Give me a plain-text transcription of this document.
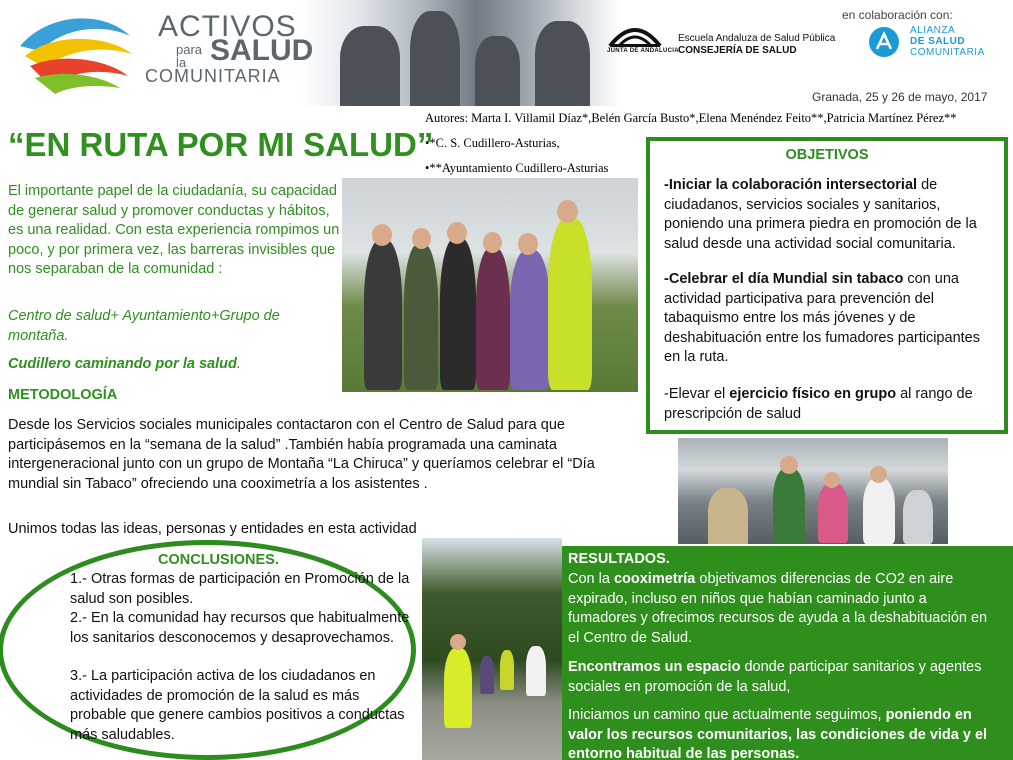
ACTIVOS
para
la SALUD
COMUNITARIA
JUNTA DE ANDALUCIA
Escuela Andaluza de Salud Pública
CONSEJERÍA DE SALUD
en colaboración con:
ALIANZA
DE SALUD
COMUNITARIA
Granada, 25 y 26 de mayo, 2017
Autores: Marta I. Villamil Díaz*,Belén García Busto*,Elena Menéndez Feito**,Patricia Martínez Pérez**
•*C. S. Cudillero-Asturias,
•**Ayuntamiento Cudillero-Asturias
“EN RUTA POR MI SALUD”
El importante papel de la ciudadanía, su capacidad de generar salud y promover conductas y hábitos, es una realidad. Con esta experiencia rompimos un poco, y por primera vez, las barreras invisibles que nos separaban de la comunidad :
Centro de salud+ Ayuntamiento+Grupo de montaña.
Cudillero caminando por la salud.
METODOLOGÍA
Desde los Servicios sociales municipales contactaron con el Centro de Salud para que participásemos en la “semana de la salud” .También había programada una caminata intergeneracional junto con un grupo de Montaña “La Chiruca” y queríamos celebrar el “Día mundial sin Tabaco” ofreciendo una cooximetría a los asistentes .
Unimos todas las ideas, personas y entidades en esta actividad
OBJETIVOS
-Iniciar la colaboración intersectorial de ciudadanos, servicios sociales y sanitarios, poniendo una primera piedra en promoción de la salud desde una actividad social comunitaria.
-Celebrar el día Mundial sin tabaco con una actividad participativa para prevención del tabaquismo entre los más jóvenes y de deshabituación entre los fumadores participantes en la ruta.
-Elevar el ejercicio físico en grupo al rango de prescripción de salud
CONCLUSIONES.
1.- Otras formas de participación en Promoción de la salud son posibles.
2.- En la comunidad hay recursos que habitualmente los sanitarios desconocemos y desaprovechamos.
3.- La participación activa de los ciudadanos en actividades de promoción de la salud es más probable que genere cambios positivos a conductas más saludables.
RESULTADOS.
Con la cooximetría objetivamos diferencias de CO2 en aire expirado, incluso en niños que habían caminado junto a fumadores y ofrecimos recursos de ayuda a la deshabituación en el Centro de Salud.
Encontramos un espacio donde participar sanitarios y agentes sociales en promoción de la salud,
Iniciamos un camino que actualmente seguimos, poniendo en valor los recursos comunitarios, las condiciones de vida y el entorno habitual de las personas.
